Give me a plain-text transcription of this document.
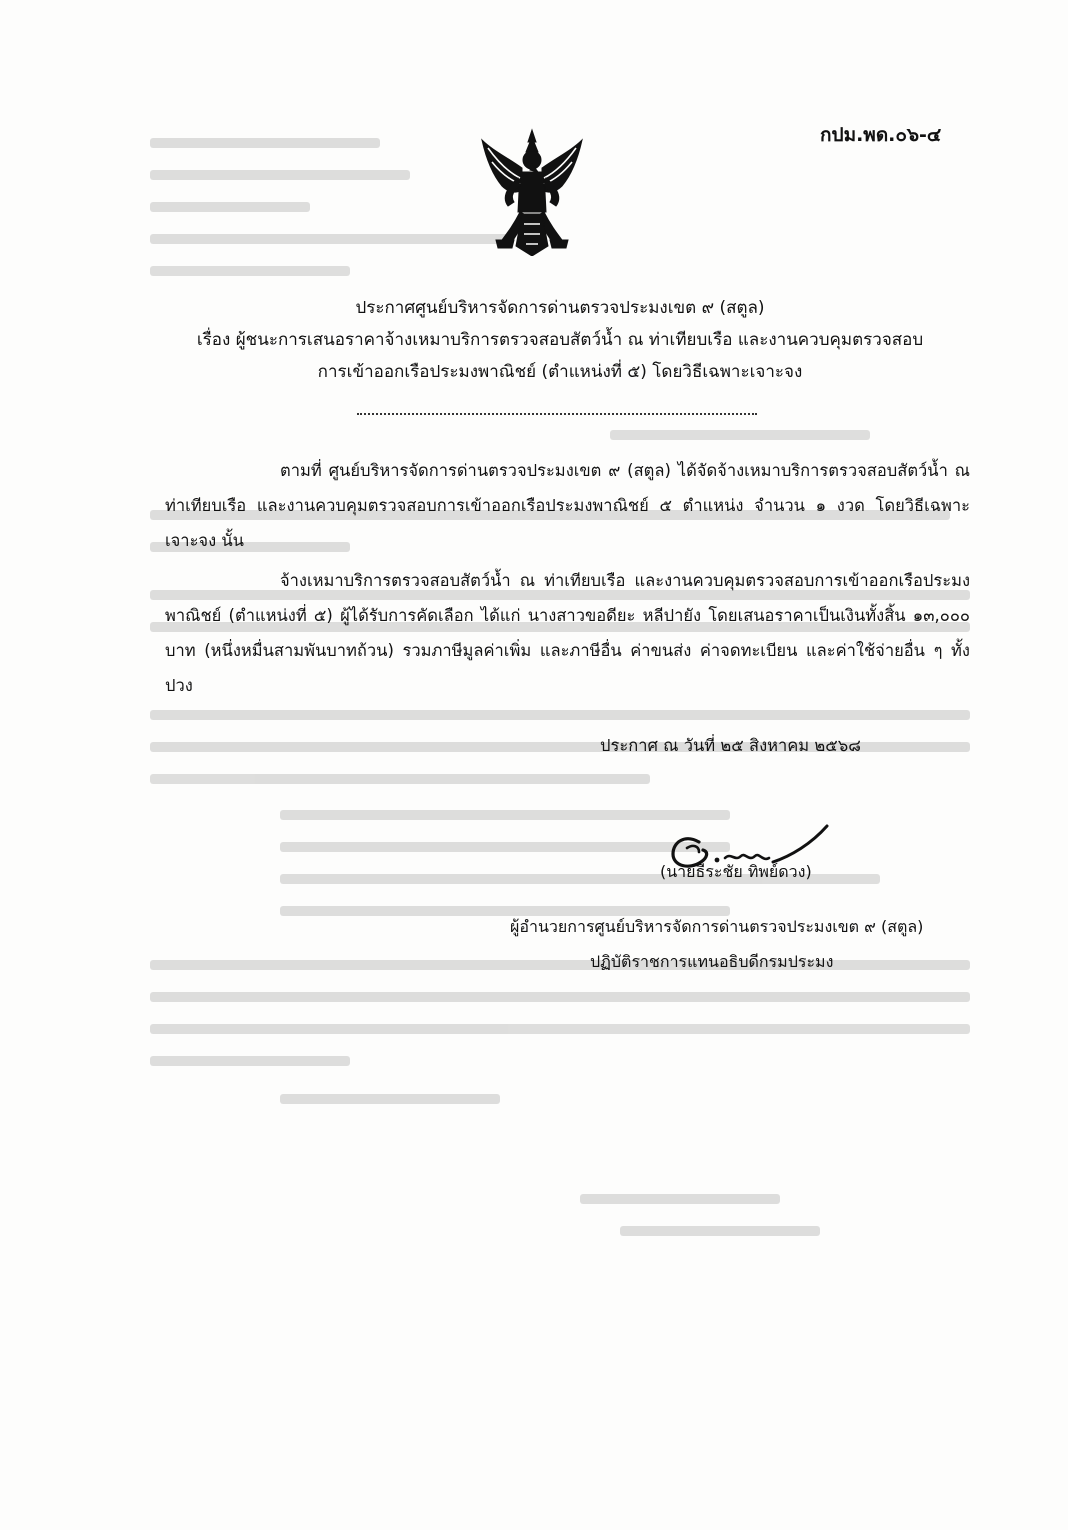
กปม.พด.๐๖-๔
ประกาศศูนย์บริหารจัดการด่านตรวจประมงเขต ๙ (สตูล)
เรื่อง ผู้ชนะการเสนอราคาจ้างเหมาบริการตรวจสอบสัตว์น้ำ ณ ท่าเทียบเรือ และงานควบคุมตรวจสอบ
การเข้าออกเรือประมงพาณิชย์ (ตำแหน่งที่ ๕) โดยวิธีเฉพาะเจาะจง
ตามที่ ศูนย์บริหารจัดการด่านตรวจประมงเขต ๙ (สตูล) ได้จัดจ้างเหมาบริการตรวจสอบสัตว์น้ำ ณ ท่าเทียบเรือ และงานควบคุมตรวจสอบการเข้าออกเรือประมงพาณิชย์ ๕ ตำแหน่ง จำนวน ๑ งวด โดยวิธีเฉพาะเจาะจง นั้น
จ้างเหมาบริการตรวจสอบสัตว์น้ำ ณ ท่าเทียบเรือ และงานควบคุมตรวจสอบการเข้าออกเรือประมงพาณิชย์ (ตำแหน่งที่ ๕) ผู้ได้รับการคัดเลือก ได้แก่ นางสาวขอดียะ หลีปายัง โดยเสนอราคาเป็นเงินทั้งสิ้น ๑๓,๐๐๐ บาท (หนึ่งหมื่นสามพันบาทถ้วน) รวมภาษีมูลค่าเพิ่ม และภาษีอื่น ค่าขนส่ง ค่าจดทะเบียน และค่าใช้จ่ายอื่น ๆ ทั้งปวง
ประกาศ ณ วันที่ ๒๕ สิงหาคม ๒๕๖๘
(นายธีระชัย ทิพย์ดวง)
ผู้อำนวยการศูนย์บริหารจัดการด่านตรวจประมงเขต ๙ (สตูล)
ปฏิบัติราชการแทนอธิบดีกรมประมง
